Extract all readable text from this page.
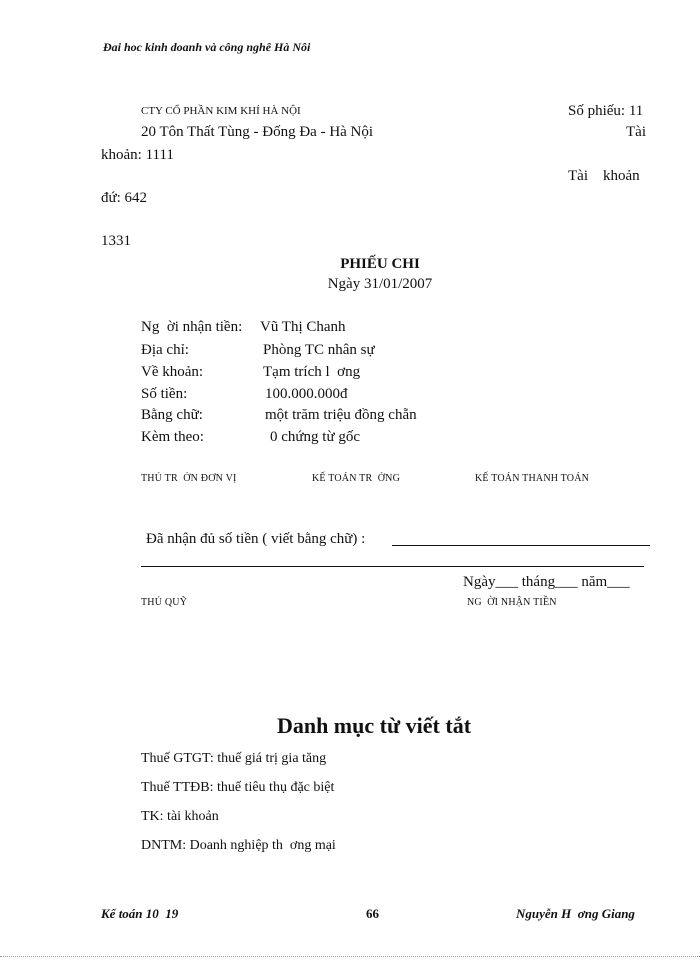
Đai hoc kinh doanh và công nghê Hà Nôi
CTY CỔ PHẦN KIM KHÍ HÀ NỘI
20 Tôn Thất Tùng - Đống Đa - Hà Nội
Số phiếu: 11
Tài
khoản: 1111
Tài    khoản
đứ: 642
1331
PHIẾU CHI
Ngày 31/01/2007
Ng  ời nhận tiền: Vũ Thị Chanh
Địa chỉ:	Phòng TC nhân sự
Về khoản:	Tạm trích l  ơng
Số tiền:	100.000.000đ
Bằng chữ:	một trăm triệu đồng chẵn
Kèm theo:	0 chứng từ gốc
THỦ TR  ỞN ĐƠN VỊ	KẾ TOÁN TR  ỞNG	KẾ TOÁN THANH TOÁN
Đã nhận đủ số tiền ( viết bằng chữ) :
Ngày___ tháng___ năm___
THỦ QUỸ	NG  ỜI NHẬN TIỀN
Danh mục từ viết tắt
Thuế GTGT: thuế giá trị gia tăng
Thuế TTĐB: thuế tiêu thụ đặc biệt
TK: tài khoản
DNTM: Doanh nghiệp th  ơng mại
Kế toán 10  19	66	Nguyễn H  ơng Giang
